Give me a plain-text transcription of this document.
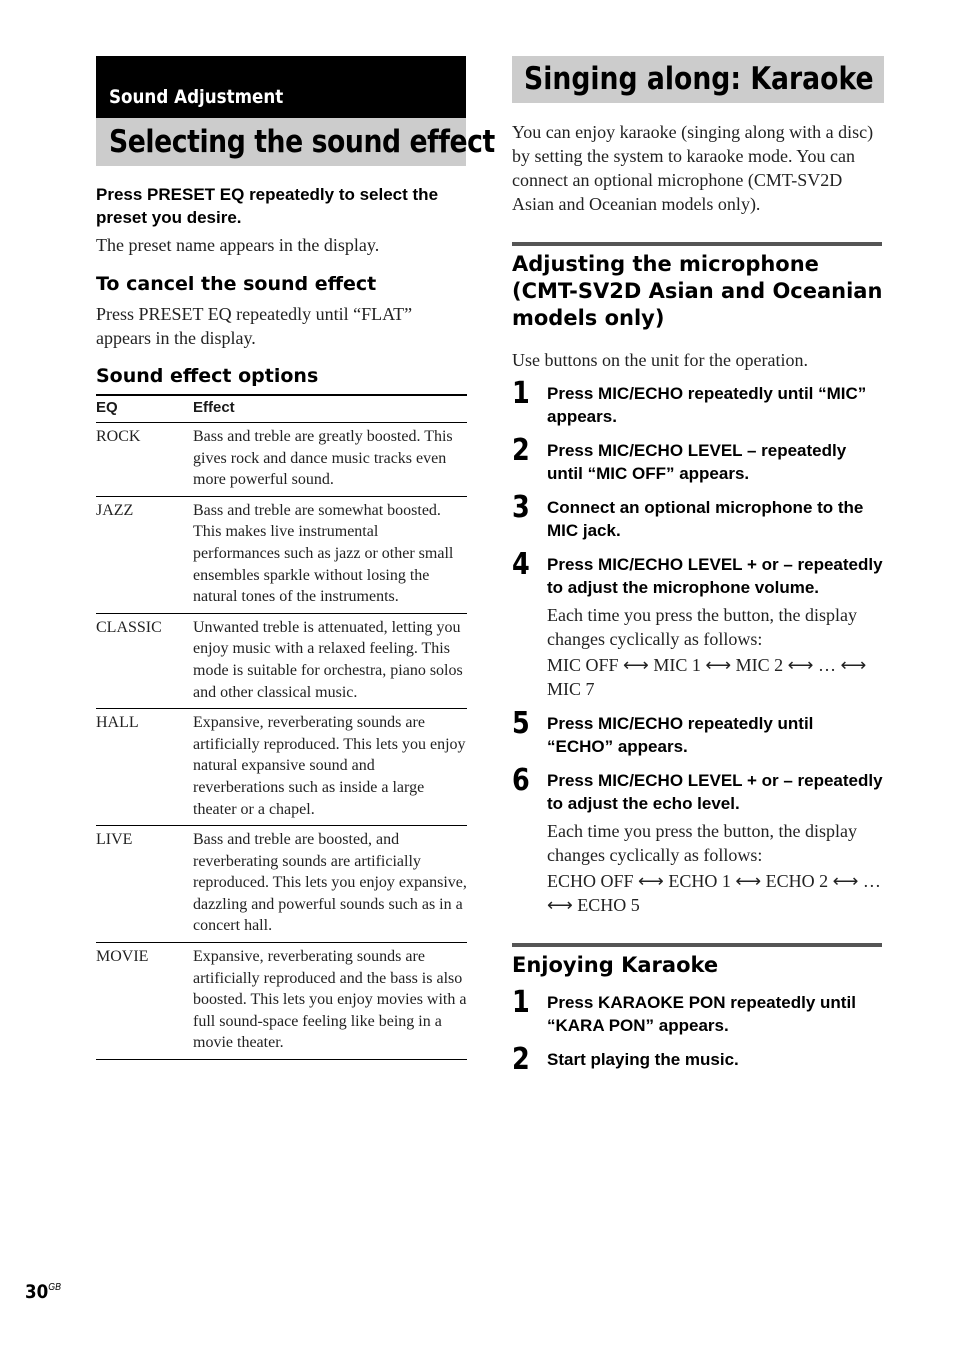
Sound Adjustment
Selecting the sound effect

Press PRESET EQ repeatedly to select the preset you desire.

The preset name appears in the display.

To cancel the sound effect

Press PRESET EQ repeatedly until “FLAT” appears in the display.

Sound effect options

EQ	Effect
ROCK	Bass and treble are greatly boosted. This gives rock and dance music tracks even more powerful sound.
JAZZ	Bass and treble are somewhat boosted. This makes live instrumental performances such as jazz or other small ensembles sparkle without losing the natural tones of the instruments.
CLASSIC	Unwanted treble is attenuated, letting you enjoy music with a relaxed feeling. This mode is suitable for orchestra, piano solos and other classical music.
HALL	Expansive, reverberating sounds are artificially reproduced. This lets you enjoy natural expansive sound and reverberations such as inside a large theater or a chapel.
LIVE	Bass and treble are boosted, and reverberating sounds are artificially reproduced. This lets you enjoy expansive, dazzling and powerful sounds such as in a concert hall.
MOVIE	Expansive, reverberating sounds are artificially reproduced and the bass is also boosted. This lets you enjoy movies with a full sound-space feeling like being in a movie theater.
Singing along: Karaoke

You can enjoy karaoke (singing along with a disc) by setting the system to karaoke mode. You can connect an optional microphone (CMT-SV2D Asian and Oceanian models only).

Adjusting the microphone (CMT-SV2D Asian and Oceanian models only)

Use buttons on the unit for the operation.

1 Press MIC/ECHO repeatedly until “MIC” appears.
2 Press MIC/ECHO LEVEL – repeatedly until “MIC OFF” appears.
3 Connect an optional microphone to the MIC jack.
4 Press MIC/ECHO LEVEL + or – repeatedly to adjust the microphone volume.
Each time you press the button, the display changes cyclically as follows:
MIC OFF ⟷ MIC 1 ⟷ MIC 2 ⟷ … ⟷ MIC 7
5 Press MIC/ECHO repeatedly until “ECHO” appears.
6 Press MIC/ECHO LEVEL + or – repeatedly to adjust the echo level.
Each time you press the button, the display changes cyclically as follows:
ECHO OFF ⟷ ECHO 1 ⟷ ECHO 2 ⟷ … ⟷ ECHO 5

Enjoying Karaoke

1 Press KARAOKE PON repeatedly until “KARA PON” appears.
2 Start playing the music.
$30^{GB}$
